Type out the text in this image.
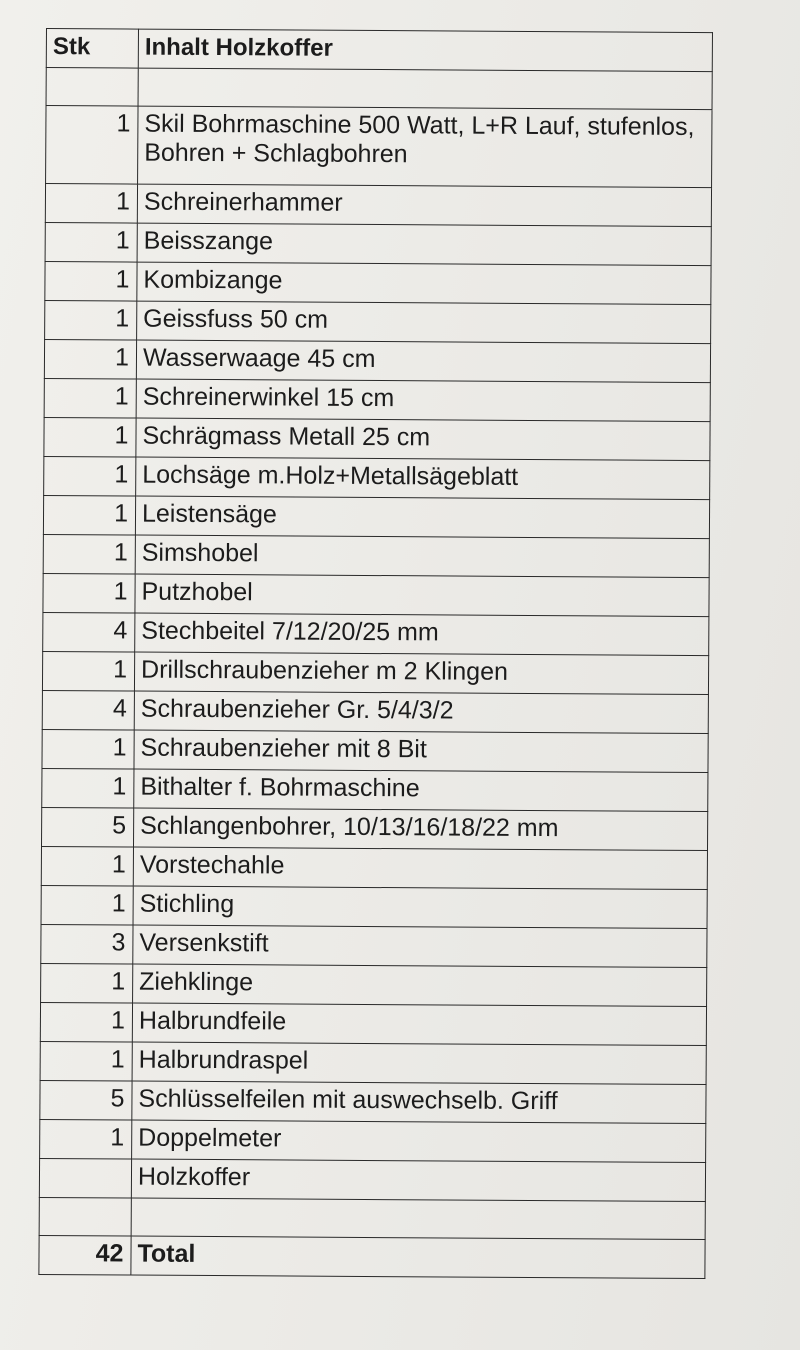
Stk	Inhalt Holzkoffer

1	Skil Bohrmaschine 500 Watt, L+R Lauf, stufenlos, Bohren + Schlagbohren
1	Schreinerhammer
1	Beisszange
1	Kombizange
1	Geissfuss 50 cm
1	Wasserwaage 45 cm
1	Schreinerwinkel 15 cm
1	Schrägmass Metall 25 cm
1	Lochsäge m.Holz+Metallsägeblatt
1	Leistensäge
1	Simshobel
1	Putzhobel
4	Stechbeitel 7/12/20/25 mm
1	Drillschraubenzieher m 2 Klingen
4	Schraubenzieher Gr. 5/4/3/2
1	Schraubenzieher mit 8 Bit
1	Bithalter f. Bohrmaschine
5	Schlangenbohrer, 10/13/16/18/22 mm
1	Vorstechahle
1	Stichling
3	Versenkstift
1	Ziehklinge
1	Halbrundfeile
1	Halbrundraspel
5	Schlüsselfeilen mit auswechselb. Griff
1	Doppelmeter
	Holzkoffer

42	Total
